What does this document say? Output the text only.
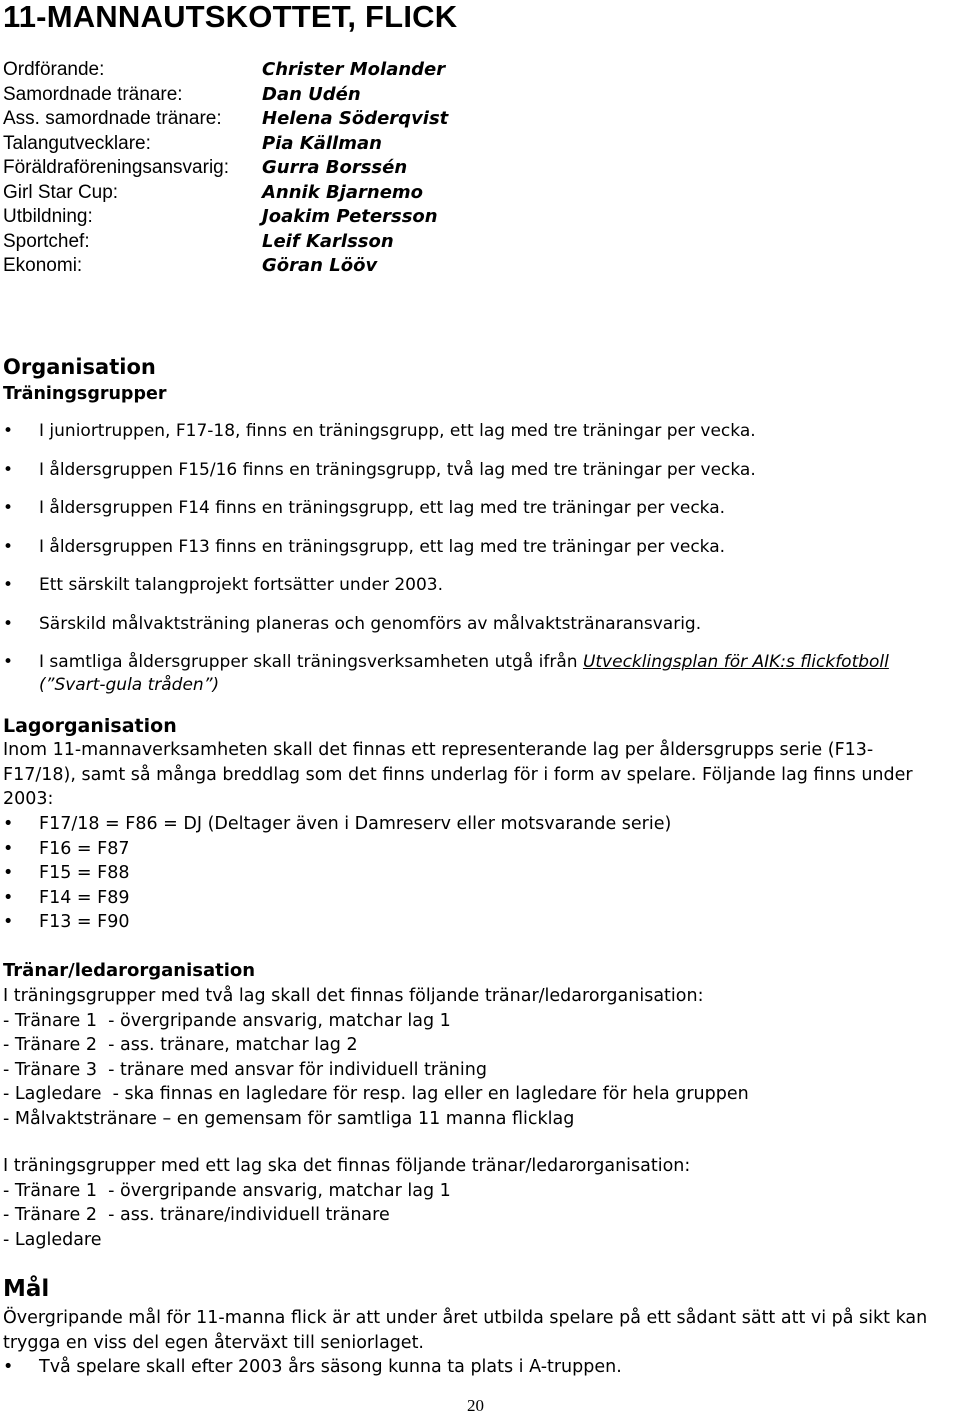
11-MANNAUTSKOTTET, FLICK
Ordförande:	Christer Molander
Samordnade tränare:	Dan Udén
Ass. samordnade tränare:	Helena Söderqvist
Talangutvecklare:	Pia Källman
Föräldraföreningsansvarig:	Gurra Borssén
Girl Star Cup:	Annik Bjarnemo
Utbildning:	Joakim Petersson
Sportchef:	Leif Karlsson
Ekonomi:	Göran Lööv
Organisation
Träningsgrupper
• I juniortruppen, F17-18, finns en träningsgrupp, ett lag med tre träningar per vecka.
• I åldersgruppen F15/16 finns en träningsgrupp, två lag med tre träningar per vecka.
• I åldersgruppen F14 finns en träningsgrupp, ett lag med tre träningar per vecka.
• I åldersgruppen F13 finns en träningsgrupp, ett lag med tre träningar per vecka.
• Ett särskilt talangprojekt fortsätter under 2003.
• Särskild målvaktsträning planeras och genomförs av målvaktstränaransvarig.
• I samtliga åldersgrupper skall träningsverksamheten utgå ifrån Utvecklingsplan för AIK:s flickfotboll
(”Svart-gula tråden”)
Lagorganisation
Inom 11-mannaverksamheten skall det finnas ett representerande lag per åldersgrupps serie (F13-
F17/18), samt så många breddlag som det finns underlag för i form av spelare. Följande lag finns under
2003:
• F17/18 = F86 = DJ (Deltager även i Damreserv eller motsvarande serie)
• F16 = F87
• F15 = F88
• F14 = F89
• F13 = F90
Tränar/ledarorganisation
I träningsgrupper med två lag skall det finnas följande tränar/ledarorganisation:
- Tränare 1  - övergripande ansvarig, matchar lag 1
- Tränare 2  - ass. tränare, matchar lag 2
- Tränare 3  - tränare med ansvar för individuell träning
- Lagledare  - ska finnas en lagledare för resp. lag eller en lagledare för hela gruppen
- Målvaktstränare – en gemensam för samtliga 11 manna flicklag
I träningsgrupper med ett lag ska det finnas följande tränar/ledarorganisation:
- Tränare 1  - övergripande ansvarig, matchar lag 1
- Tränare 2  - ass. tränare/individuell tränare
- Lagledare
Mål
Övergripande mål för 11-manna flick är att under året utbilda spelare på ett sådant sätt att vi på sikt kan
trygga en viss del egen återväxt till seniorlaget.
• Två spelare skall efter 2003 års säsong kunna ta plats i A-truppen.
20
